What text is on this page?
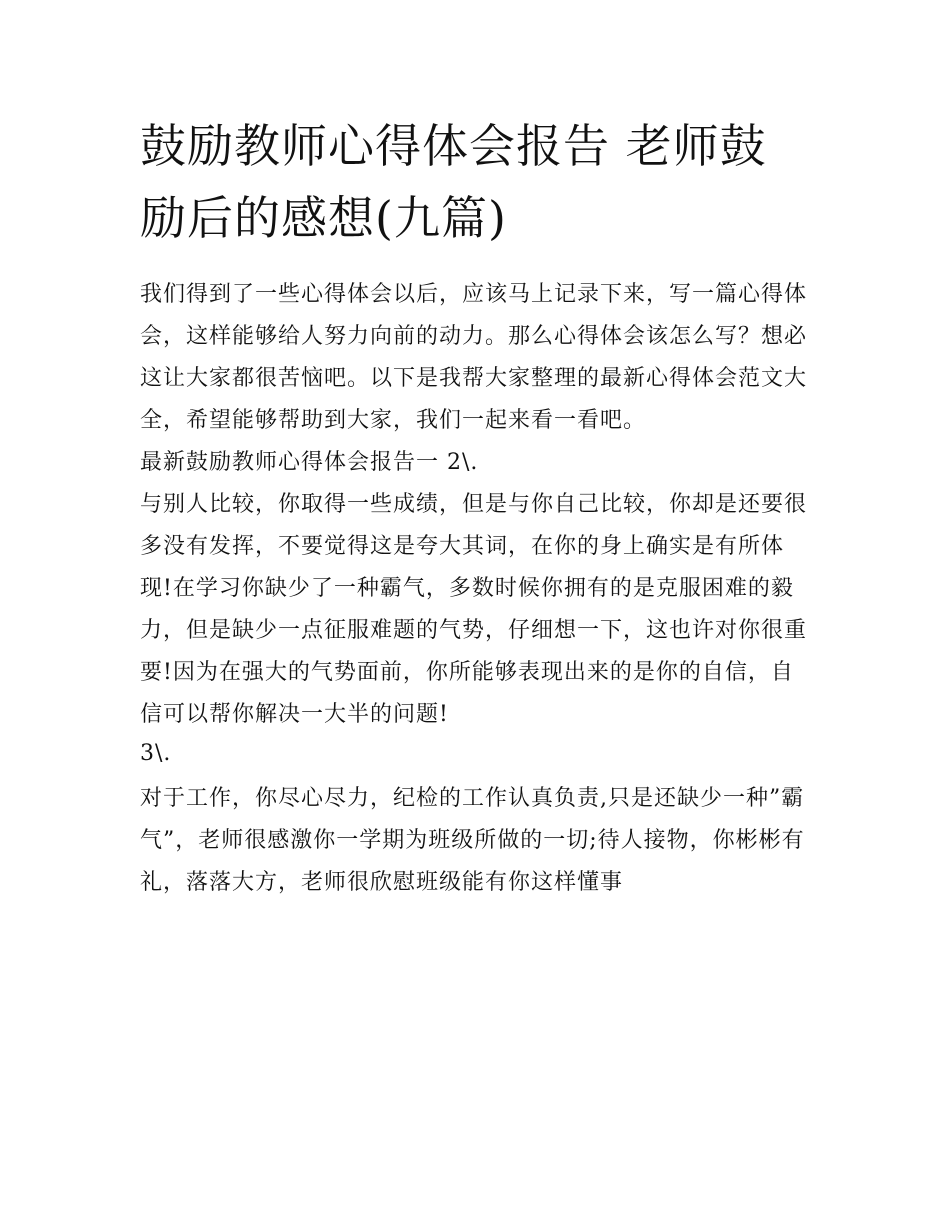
鼓励教师心得体会报告 老师鼓励后的感想(九篇)

我们得到了一些心得体会以后，应该马上记录下来，写一篇心得体会，这样能够给人努力向前的动力。那么心得体会该怎么写？想必这让大家都很苦恼吧。以下是我帮大家整理的最新心得体会范文大全，希望能够帮助到大家，我们一起来看一看吧。

最新鼓励教师心得体会报告一 2\.

与别人比较，你取得一些成绩，但是与你自己比较，你却是还要很多没有发挥，不要觉得这是夸大其词，在你的身上确实是有所体现!在学习你缺少了一种霸气，多数时候你拥有的是克服困难的毅力，但是缺少一点征服难题的气势，仔细想一下，这也许对你很重要!因为在强大的气势面前，你所能够表现出来的是你的自信，自信可以帮你解决一大半的问题!

3\.

对于工作，你尽心尽力，纪检的工作认真负责,只是还缺少一种”霸气”，老师很感激你一学期为班级所做的一切;待人接物，你彬彬有礼，落落大方，老师很欣慰班级能有你这样懂事
